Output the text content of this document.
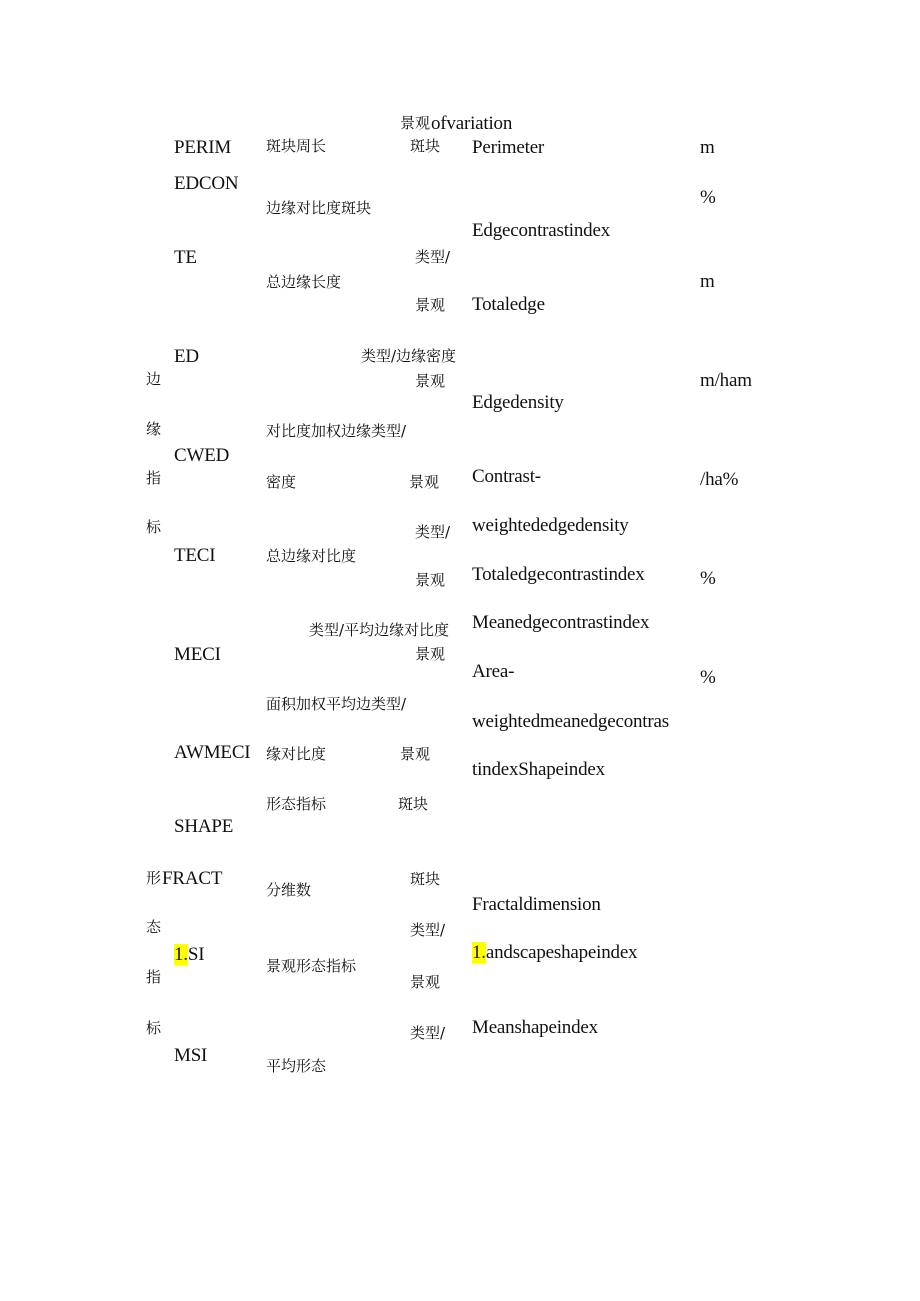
景观 ofvariation
边
缘
指
标
形
态
指
标
PERIM
EDCON
TE
ED
CWED
TECI
MECI
AWMECI
SHAPE
FRACT
1.SI
MSI
斑块周长
边缘对比度斑块
总边缘长度
类型/边缘密度
对比度加权边缘类型/
密度
总边缘对比度
类型/平均边缘对比度
面积加权平均边类型/
缘对比度
形态指标
分维数
景观形态指标
平均形态
斑块
类型/
景观
景观
景观
类型/
景观
景观
景观
斑块
斑块
类型/
景观
类型/
Perimeter
Edgecontrastindex
Totaledge
Edgedensity
Contrast-
weightededgedensity
Totaledgecontrastindex
Meanedgecontrastindex
Area-
weightedmeanedgecontras
tindexShapeindex
Fractaldimension
1.andscapeshapeindex
Meanshapeindex
m
%
m
m/ham
/ha%
%
%
